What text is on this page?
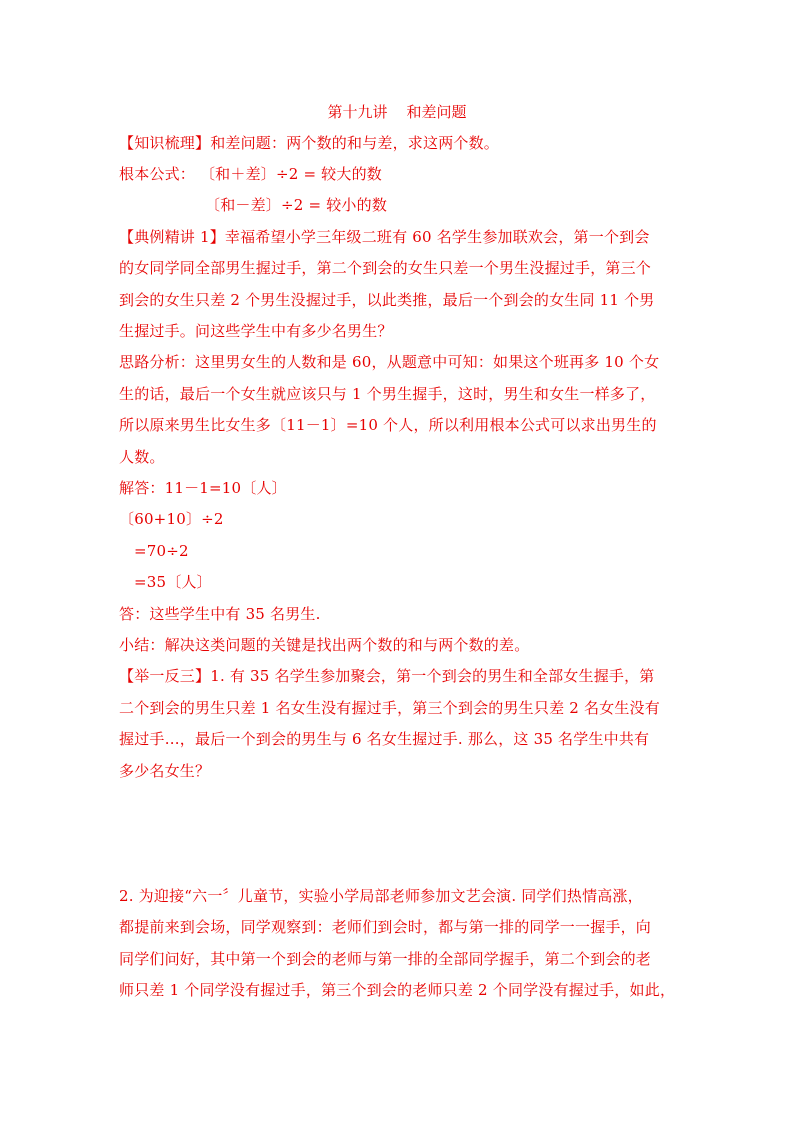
第十九讲    和差问题
【知识梳理】和差问题：两个数的和与差，求这两个数。
根本公式： 〔和＋差〕÷2 = 较大的数
〔和－差〕÷2 = 较小的数
【典例精讲 1】幸福希望小学三年级二班有 60 名学生参加联欢会，第一个到会
的女同学同全部男生握过手，第二个到会的女生只差一个男生没握过手，第三个
到会的女生只差 2 个男生没握过手，以此类推，最后一个到会的女生同 11 个男
生握过手。问这些学生中有多少名男生？
思路分析：这里男女生的人数和是 60，从题意中可知：如果这个班再多 10 个女
生的话，最后一个女生就应该只与 1 个男生握手，这时，男生和女生一样多了，
所以原来男生比女生多〔11－1〕=10 个人，所以利用根本公式可以求出男生的
人数。
解答：11－1=10〔人〕
〔60+10〕÷2
=70÷2
=35〔人〕
答：这些学生中有 35 名男生.
小结：解决这类问题的关键是找出两个数的和与两个数的差。
【举一反三】1. 有 35 名学生参加聚会，第一个到会的男生和全部女生握手，第
二个到会的男生只差 1 名女生没有握过手，第三个到会的男生只差 2 名女生没有
握过手…，最后一个到会的男生与 6 名女生握过手. 那么，这 35 名学生中共有
多少名女生？
2. 为迎接“六一〞儿童节，实验小学局部老师参加文艺会演. 同学们热情高涨，
都提前来到会场，同学观察到：老师们到会时，都与第一排的同学一一握手，向
同学们问好，其中第一个到会的老师与第一排的全部同学握手，第二个到会的老
师只差 1 个同学没有握过手，第三个到会的老师只差 2 个同学没有握过手，如此，
